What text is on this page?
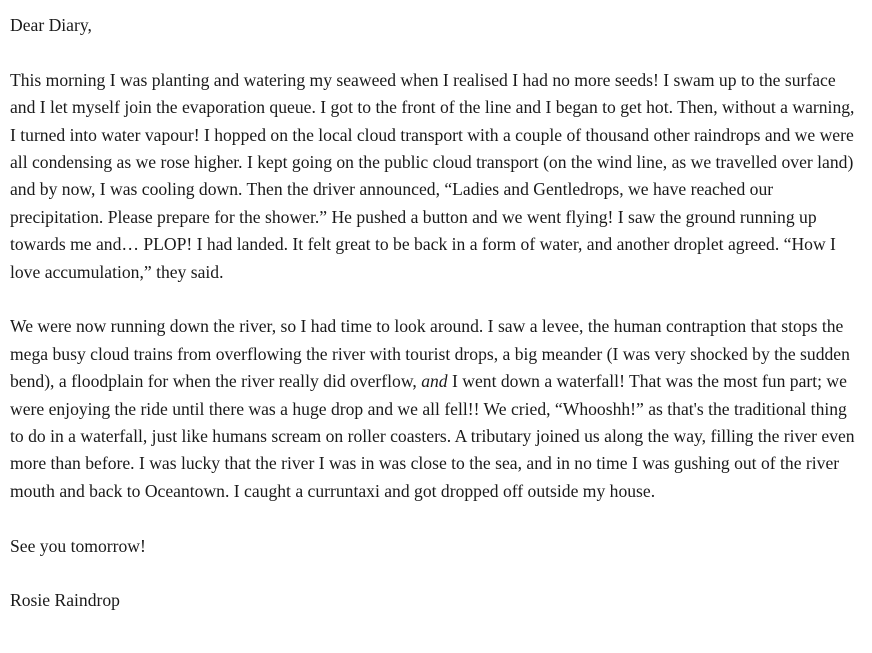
Dear Diary,

This morning I was planting and watering my seaweed when I realised I had no more seeds! I swam up to the surface and I let myself join the evaporation queue. I got to the front of the line and I began to get hot. Then, without a warning, I turned into water vapour! I hopped on the local cloud transport with a couple of thousand other raindrops and we were all condensing as we rose higher. I kept going on the public cloud transport (on the wind line, as we travelled over land) and by now, I was cooling down. Then the driver announced, “Ladies and Gentledrops, we have reached our precipitation. Please prepare for the shower.” He pushed a button and we went flying! I saw the ground running up towards me and… PLOP! I had landed. It felt great to be back in a form of water, and another droplet agreed. “How I love accumulation,” they said.

We were now running down the river, so I had time to look around. I saw a levee, the human contraption that stops the mega busy cloud trains from overflowing the river with tourist drops, a big meander (I was very shocked by the sudden bend), a floodplain for when the river really did overflow, and I went down a waterfall! That was the most fun part; we were enjoying the ride until there was a huge drop and we all fell!! We cried, “Whooshh!” as that's the traditional thing to do in a waterfall, just like humans scream on roller coasters. A tributary joined us along the way, filling the river even more than before. I was lucky that the river I was in was close to the sea, and in no time I was gushing out of the river mouth and back to Oceantown. I caught a curruntaxi and got dropped off outside my house.

See you tomorrow!

Rosie Raindrop
